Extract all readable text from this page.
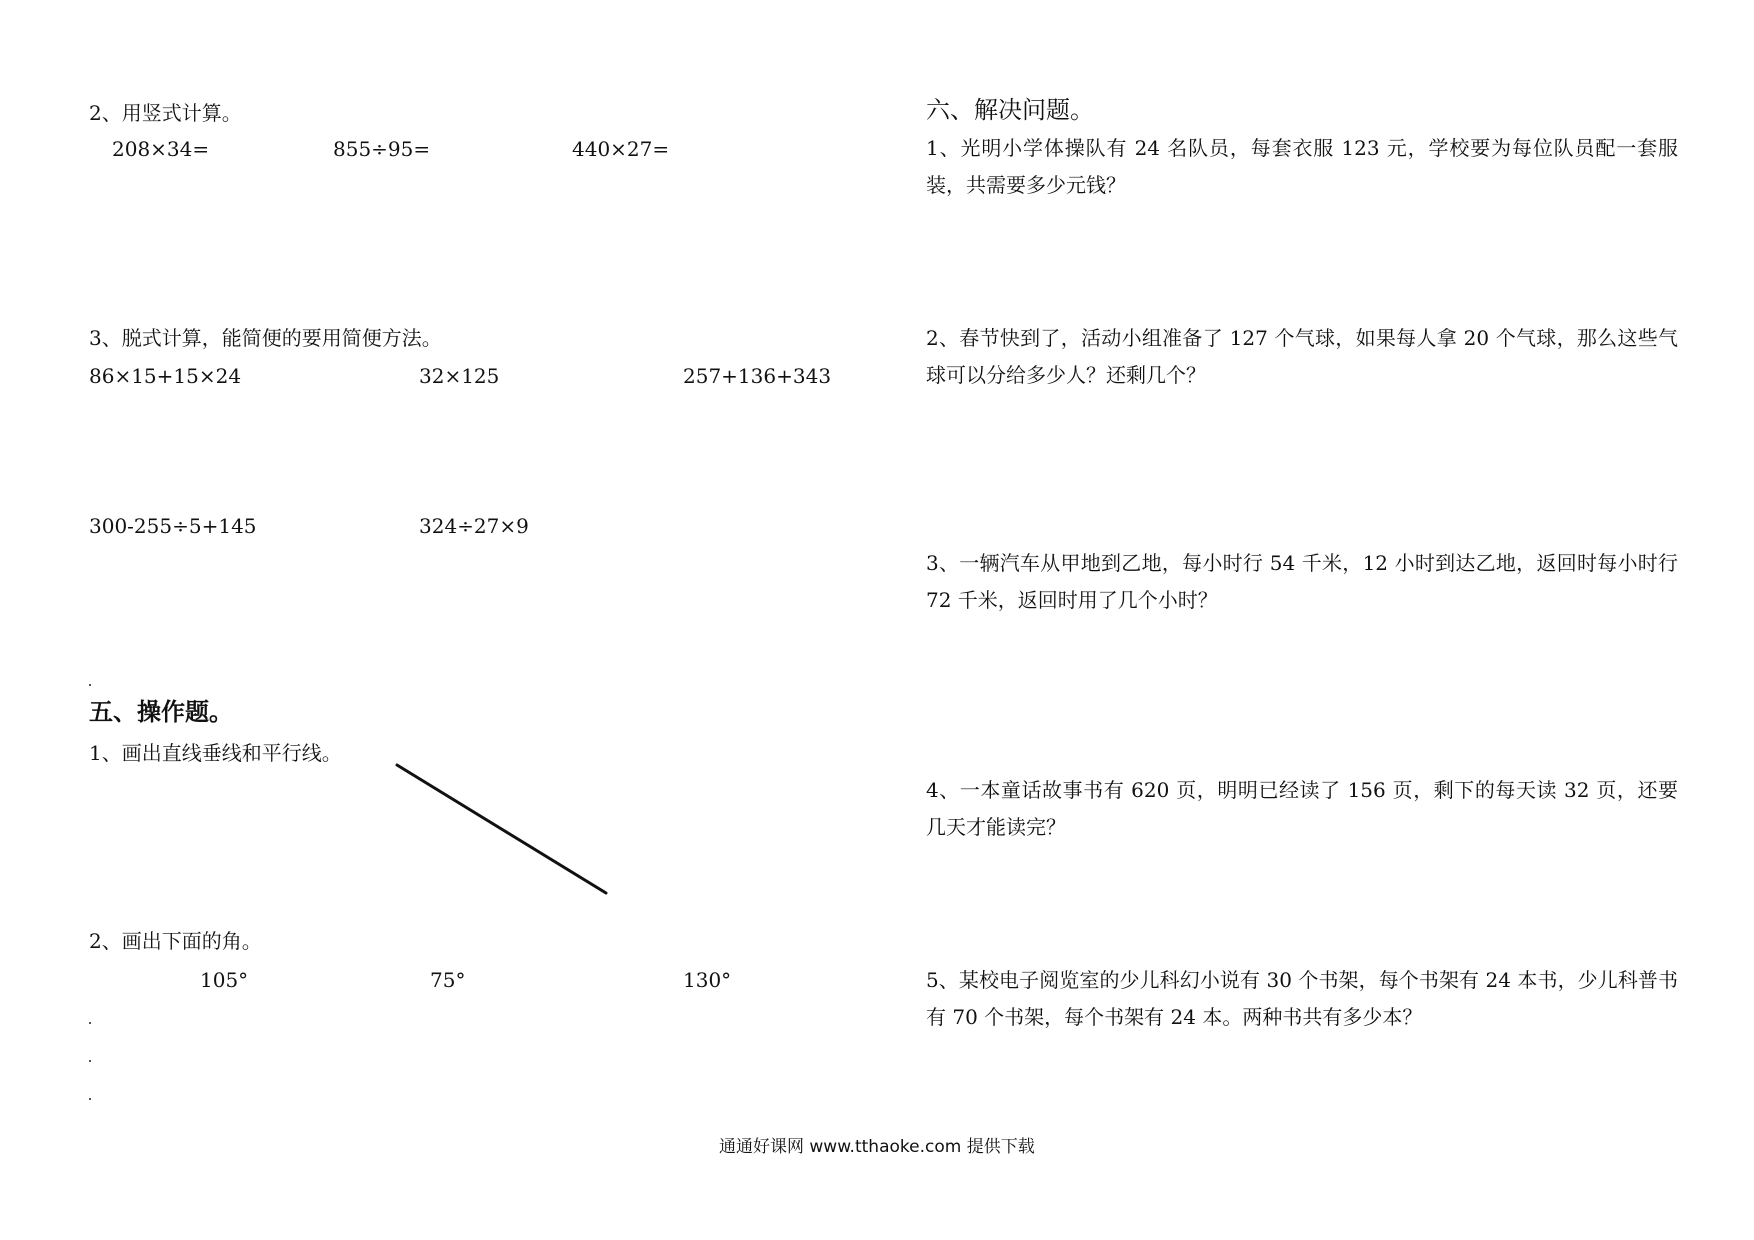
2、用竖式计算。
208×34=	855÷95=	440×27=
3、脱式计算，能简便的要用简便方法。
86×15+15×24	32×125	257+136+343
300-255÷5+145	324÷27×9
五、操作题。
1、画出直线垂线和平行线。
2、画出下面的角。
105°	75°	130°
六、解决问题。
1、光明小学体操队有 24 名队员，每套衣服 123 元，学校要为每位队员配一套服装，共需要多少元钱？
2、春节快到了，活动小组准备了 127 个气球，如果每人拿 20 个气球，那么这些气球可以分给多少人？还剩几个？
3、一辆汽车从甲地到乙地，每小时行 54 千米，12 小时到达乙地，返回时每小时行 72 千米，返回时用了几个小时？
4、一本童话故事书有 620 页，明明已经读了 156 页，剩下的每天读 32 页，还要几天才能读完？
5、某校电子阅览室的少儿科幻小说有 30 个书架，每个书架有 24 本书，少儿科普书有 70 个书架，每个书架有 24 本。两种书共有多少本？
通通好课网 www.tthaoke.com 提供下载
